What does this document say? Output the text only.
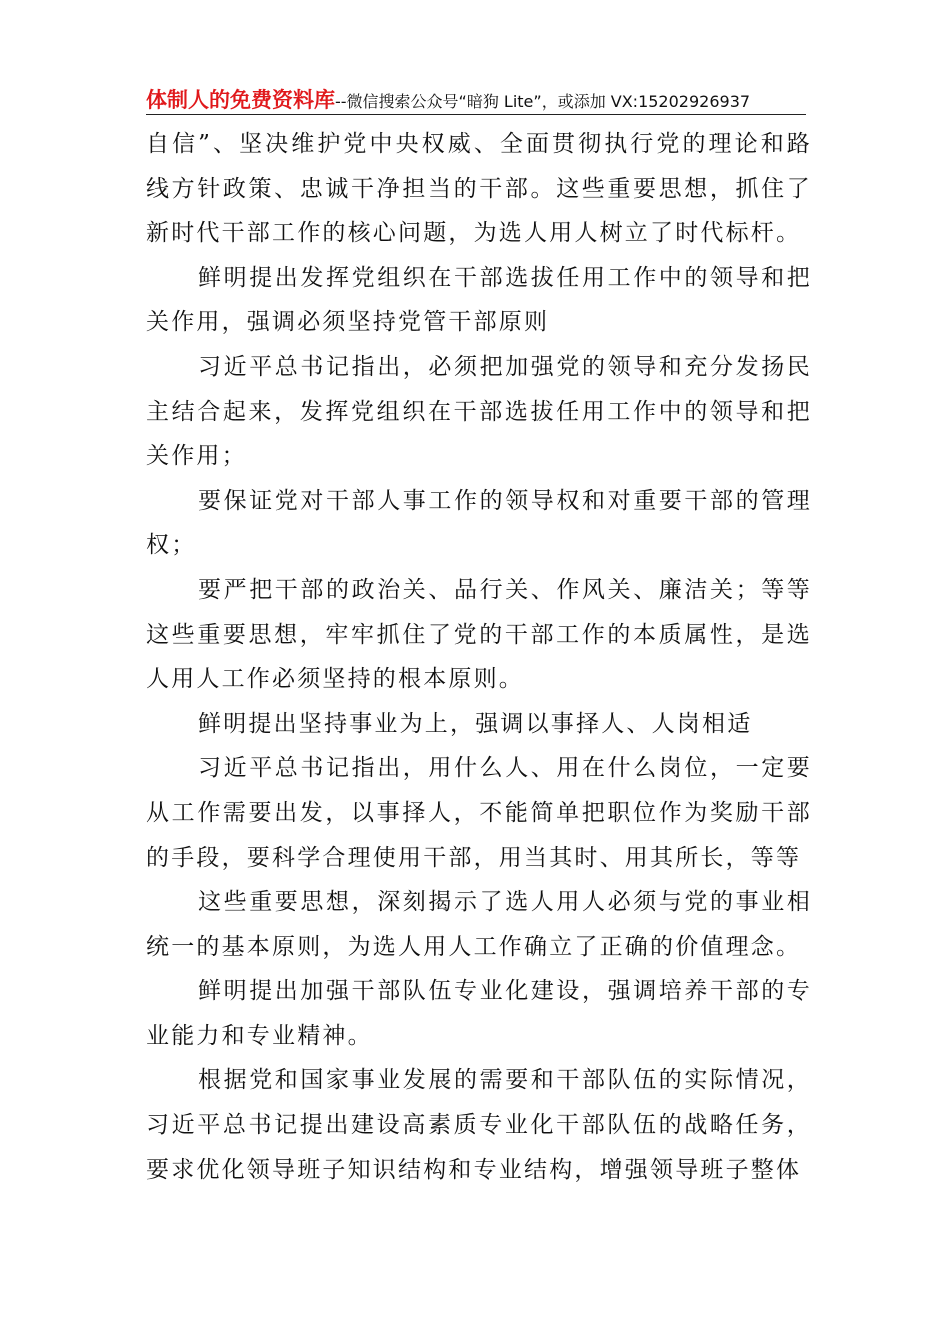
体制人的免费资料库--微信搜索公众号“暗狗 Lite”，或添加 VX:15202926937

自信”、坚决维护党中央权威、全面贯彻执行党的理论和路线方针政策、忠诚干净担当的干部。这些重要思想，抓住了新时代干部工作的核心问题，为选人用人树立了时代标杆。

鲜明提出发挥党组织在干部选拔任用工作中的领导和把关作用，强调必须坚持党管干部原则

习近平总书记指出，必须把加强党的领导和充分发扬民主结合起来，发挥党组织在干部选拔任用工作中的领导和把关作用；

要保证党对干部人事工作的领导权和对重要干部的管理权；

要严把干部的政治关、品行关、作风关、廉洁关；等等这些重要思想，牢牢抓住了党的干部工作的本质属性，是选人用人工作必须坚持的根本原则。

鲜明提出坚持事业为上，强调以事择人、人岗相适

习近平总书记指出，用什么人、用在什么岗位，一定要从工作需要出发，以事择人，不能简单把职位作为奖励干部的手段，要科学合理使用干部，用当其时、用其所长，等等

这些重要思想，深刻揭示了选人用人必须与党的事业相统一的基本原则，为选人用人工作确立了正确的价值理念。

鲜明提出加强干部队伍专业化建设，强调培养干部的专业能力和专业精神。

根据党和国家事业发展的需要和干部队伍的实际情况，习近平总书记提出建设高素质专业化干部队伍的战略任务，要求优化领导班子知识结构和专业结构，增强领导班子整体
